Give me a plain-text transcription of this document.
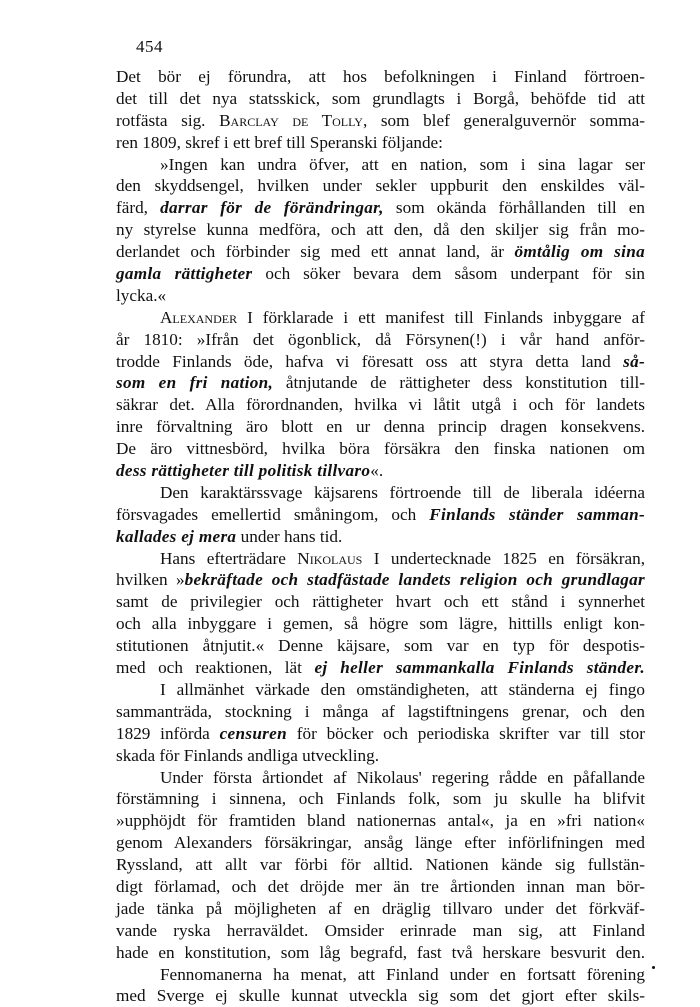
454
Det bör ej förundra, att hos befolkningen i Finland förtroen-
det till det nya statsskick, som grundlagts i Borgå, behöfde tid att
rotfästa sig. Barclay de Tolly, som blef generalguvernör somma-
ren 1809, skref i ett bref till Speranski följande:
»Ingen kan undra öfver, att en nation, som i sina lagar ser
den skyddsengel, hvilken under sekler uppburit den enskildes väl-
färd, darrar för de förändringar, som okända förhållanden till en
ny styrelse kunna medföra, och att den, då den skiljer sig från mo-
derlandet och förbinder sig med ett annat land, är ömtålig om sina
gamla rättigheter och söker bevara dem såsom underpant för sin
lycka.«
Alexander I förklarade i ett manifest till Finlands inbyggare af
år 1810: »Ifrån det ögonblick, då Försynen(!) i vår hand anför-
trodde Finlands öde, hafva vi föresatt oss att styra detta land så-
som en fri nation, åtnjutande de rättigheter dess konstitution till-
säkrar det. Alla förordnanden, hvilka vi låtit utgå i och för landets
inre förvaltning äro blott en ur denna princip dragen konsekvens.
De äro vittnesbörd, hvilka böra försäkra den finska nationen om
dess rättigheter till politisk tillvaro«.
Den karaktärssvage käjsarens förtroende till de liberala idéerna
försvagades emellertid småningom, och Finlands ständer samman-
kallades ej mera under hans tid.
Hans efterträdare Nikolaus I undertecknade 1825 en försäkran,
hvilken »bekräftade och stadfästade landets religion och grundlagar
samt de privilegier och rättigheter hvart och ett stånd i synnerhet
och alla inbyggare i gemen, så högre som lägre, hittills enligt kon-
stitutionen åtnjutit.« Denne käjsare, som var en typ för despotis-
med och reaktionen, lät ej heller sammankalla Finlands ständer.
I allmänhet värkade den omständigheten, att ständerna ej fingo
sammanträda, stockning i många af lagstiftningens grenar, och den
1829 införda censuren för böcker och periodiska skrifter var till stor
skada för Finlands andliga utveckling.
Under första årtiondet af Nikolaus' regering rådde en påfallande
förstämning i sinnena, och Finlands folk, som ju skulle ha blifvit
»upphöjdt för framtiden bland nationernas antal«, ja en »fri nation«
genom Alexanders försäkringar, ansåg länge efter införlifningen med
Ryssland, att allt var förbi för alltid. Nationen kände sig fullstän-
digt förlamad, och det dröjde mer än tre årtionden innan man bör-
jade tänka på möjligheten af en dräglig tillvaro under det förkväf-
vande ryska herraväldet. Omsider erinrade man sig, att Finland
hade en konstitution, som låg begrafd, fast två herskare besvurit den.
Fennomanerna ha menat, att Finland under en fortsatt förening
med Sverge ej skulle kunnat utveckla sig som det gjort efter skils-
